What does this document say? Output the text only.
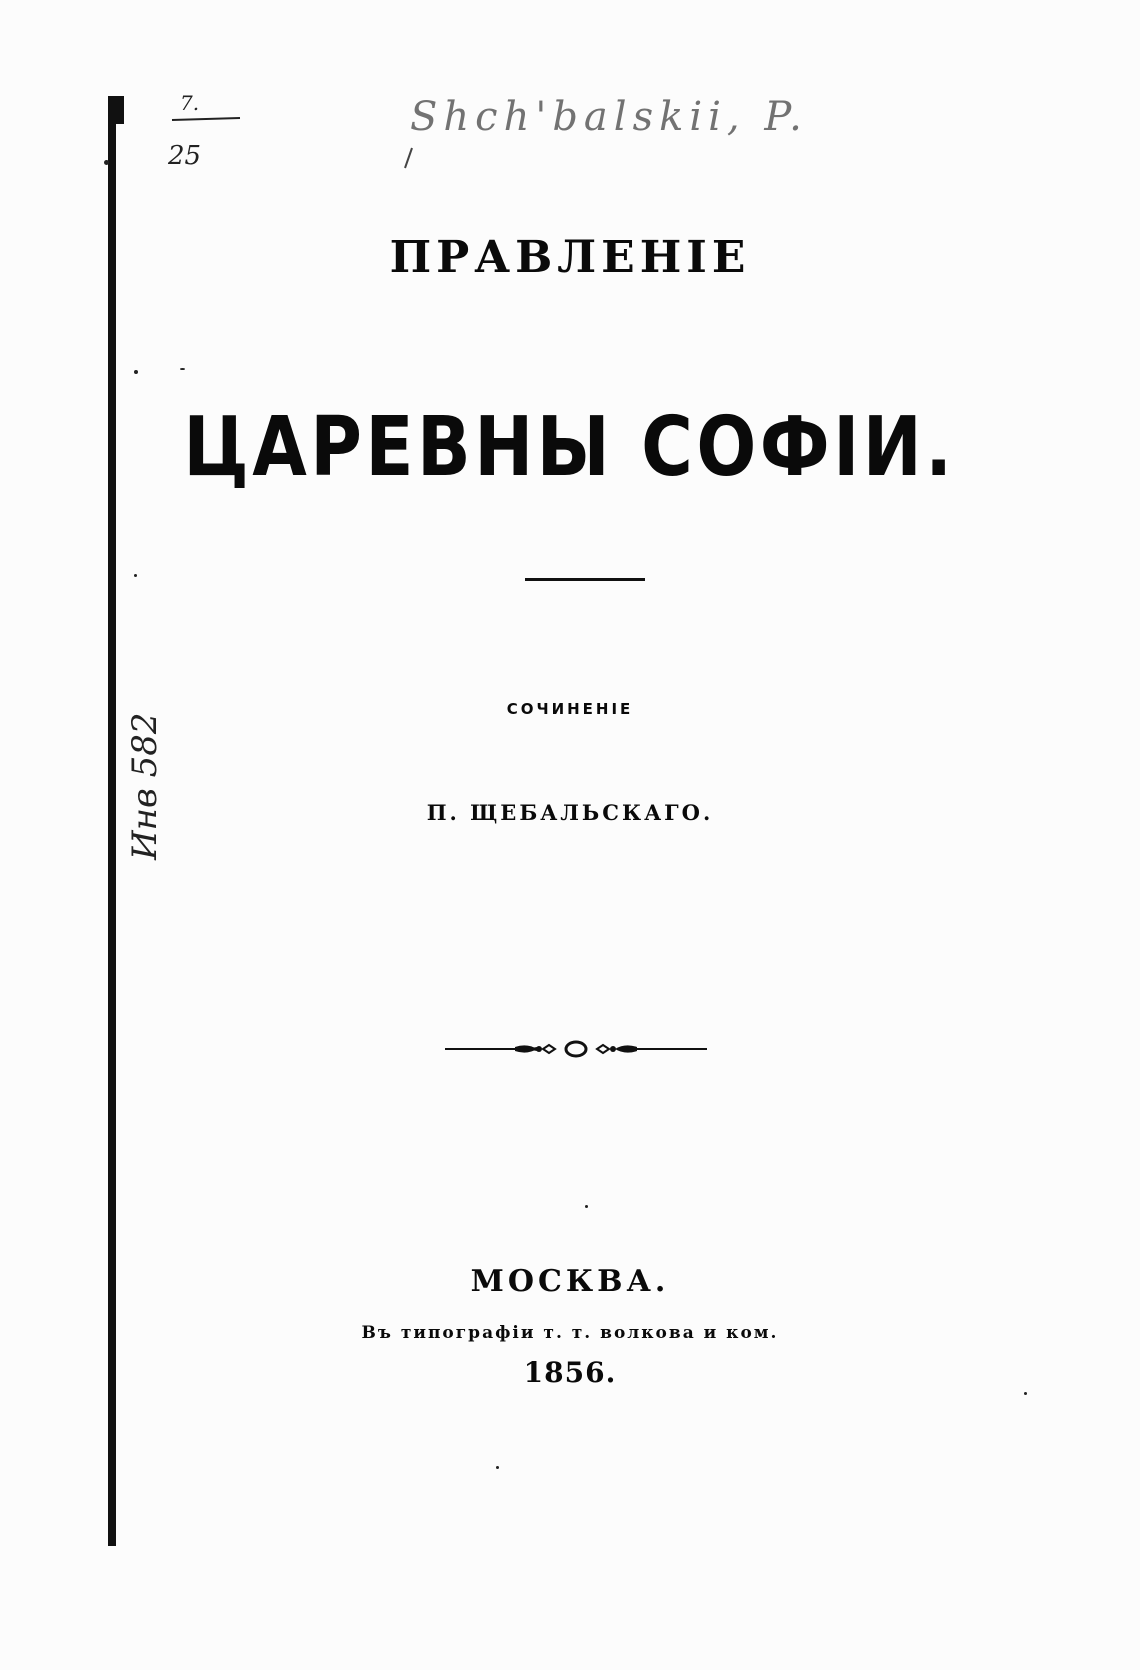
7.
25
Shch'balskii, P.
Инв 582
ПРАВЛЕНІЕ
ЦАРЕВНЫ СОФІИ.
СОЧИНЕНІЕ
П. ЩЕБАЛЬСКАГО.
МОСКВА.
Въ типографіи т. т. волкова и ком.
1856.
